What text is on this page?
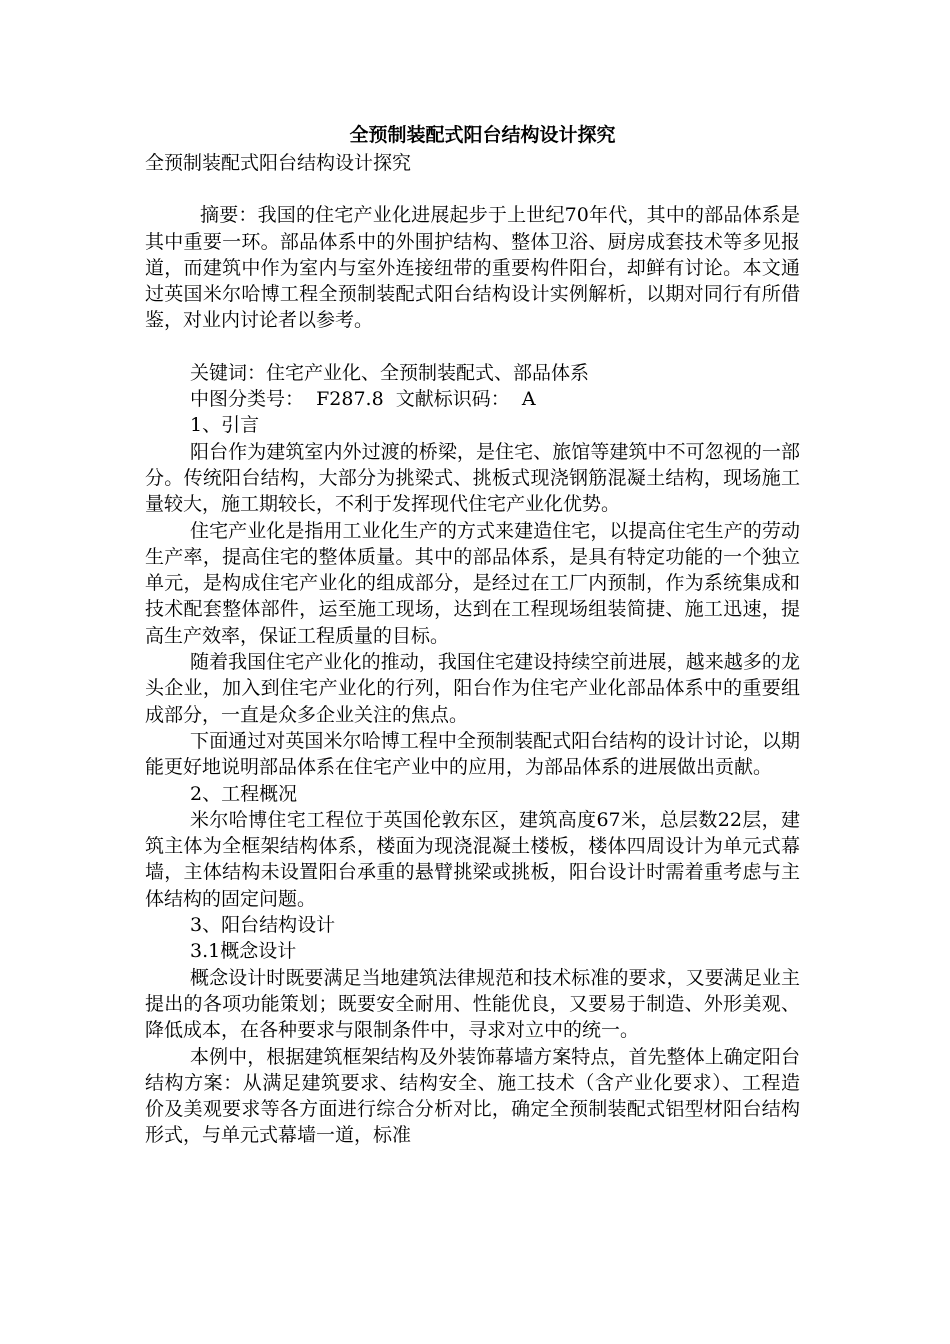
全预制装配式阳台结构设计探究

全预制装配式阳台结构设计探究

摘要：我国的住宅产业化进展起步于上世纪70年代，其中的部品体系是其中重要一环。部品体系中的外围护结构、整体卫浴、厨房成套技术等多见报道，而建筑中作为室内与室外连接纽带的重要构件阳台，却鲜有讨论。本文通过英国米尔哈博工程全预制装配式阳台结构设计实例解析，以期对同行有所借鉴，对业内讨论者以参考。

关键词：住宅产业化、全预制装配式、部品体系

中图分类号：  F287.8  文献标识码：  A

1、引言

阳台作为建筑室内外过渡的桥梁，是住宅、旅馆等建筑中不可忽视的一部分。传统阳台结构，大部分为挑梁式、挑板式现浇钢筋混凝土结构，现场施工量较大，施工期较长，不利于发挥现代住宅产业化优势。

住宅产业化是指用工业化生产的方式来建造住宅，以提高住宅生产的劳动生产率，提高住宅的整体质量。其中的部品体系，是具有特定功能的一个独立单元，是构成住宅产业化的组成部分，是经过在工厂内预制，作为系统集成和技术配套整体部件，运至施工现场，达到在工程现场组装简捷、施工迅速，提高生产效率，保证工程质量的目标。

随着我国住宅产业化的推动，我国住宅建设持续空前进展，越来越多的龙头企业，加入到住宅产业化的行列，阳台作为住宅产业化部品体系中的重要组成部分，一直是众多企业关注的焦点。

下面通过对英国米尔哈博工程中全预制装配式阳台结构的设计讨论，以期能更好地说明部品体系在住宅产业中的应用，为部品体系的进展做出贡献。

2、工程概况

米尔哈博住宅工程位于英国伦敦东区，建筑高度67米，总层数22层，建筑主体为全框架结构体系，楼面为现浇混凝土楼板，楼体四周设计为单元式幕墙，主体结构未设置阳台承重的悬臂挑梁或挑板，阳台设计时需着重考虑与主体结构的固定问题。

3、阳台结构设计

3.1概念设计

概念设计时既要满足当地建筑法律规范和技术标准的要求，又要满足业主提出的各项功能策划；既要安全耐用、性能优良，又要易于制造、外形美观、降低成本，在各种要求与限制条件中，寻求对立中的统一。

本例中，根据建筑框架结构及外装饰幕墙方案特点，首先整体上确定阳台结构方案：从满足建筑要求、结构安全、施工技术（含产业化要求）、工程造价及美观要求等各方面进行综合分析对比，确定全预制装配式铝型材阳台结构形式，与单元式幕墙一道，标准
